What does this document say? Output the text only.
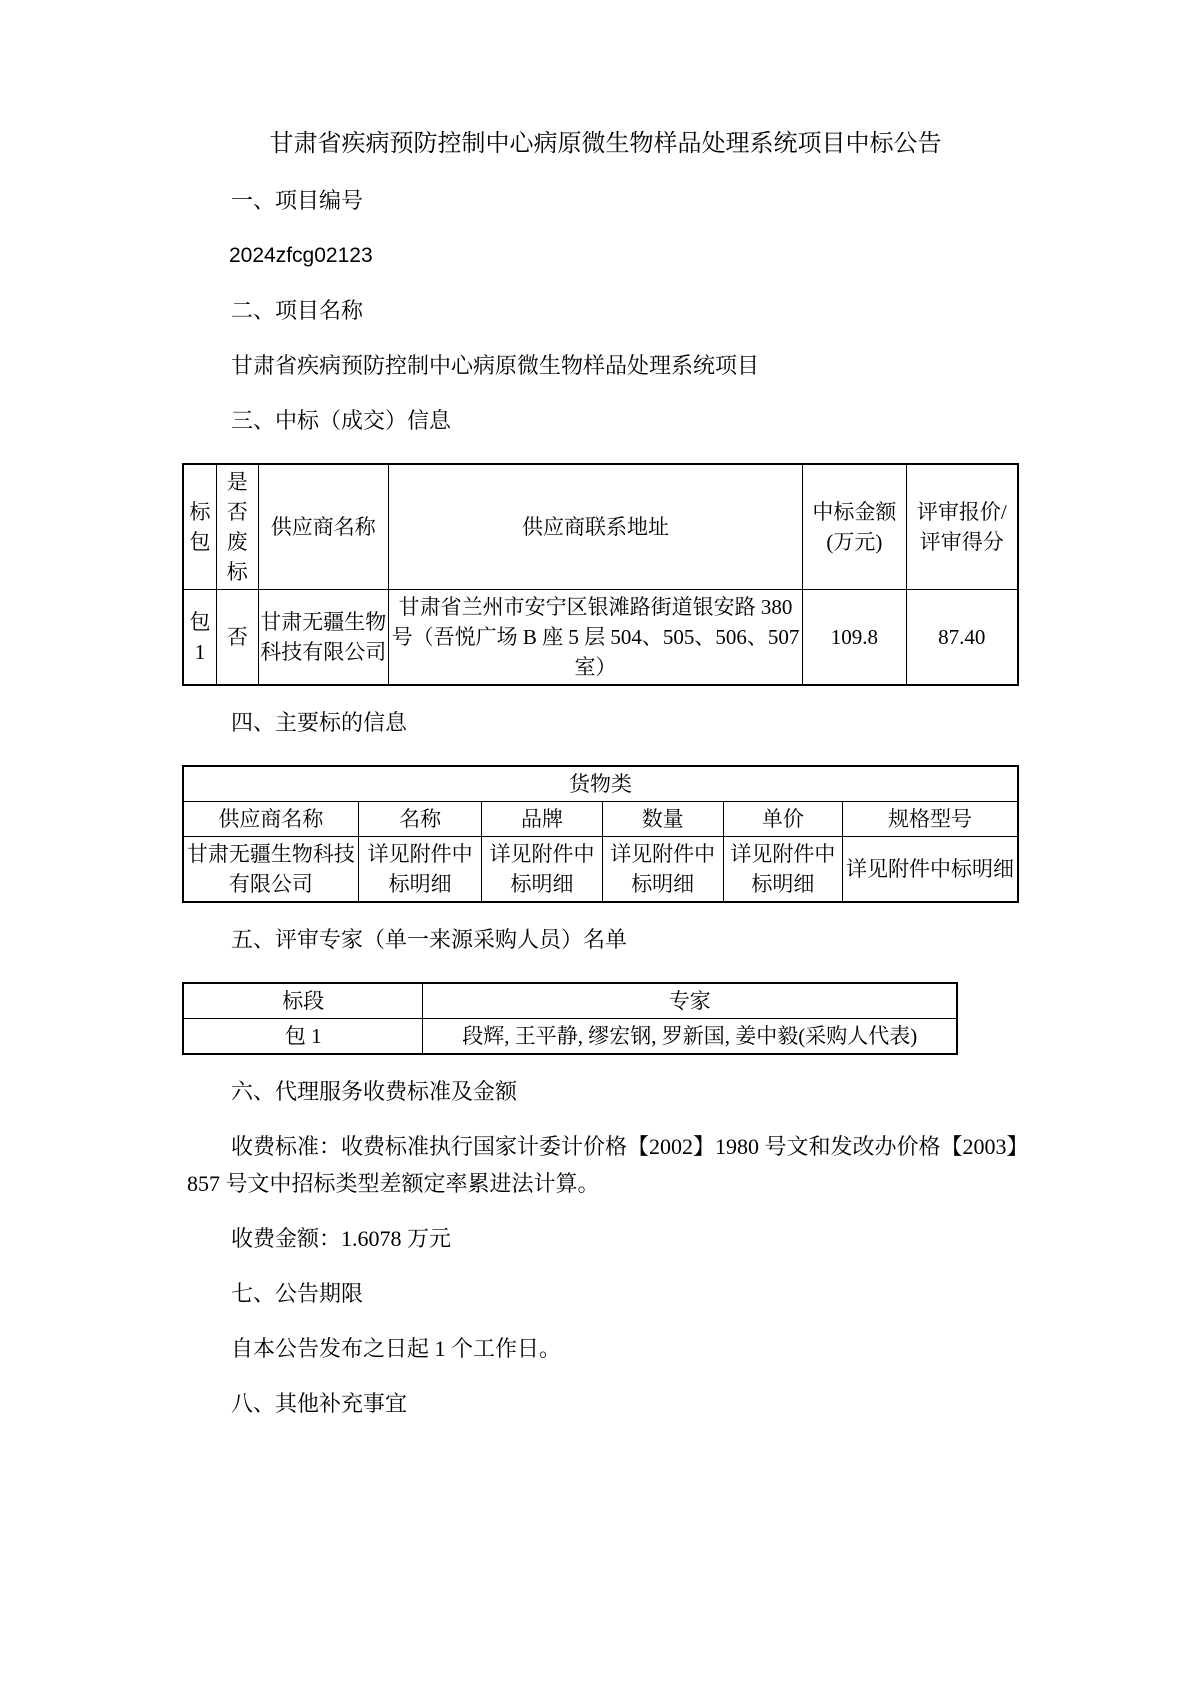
甘肃省疾病预防控制中心病原微生物样品处理系统项目中标公告

一、项目编号

2024zfcg02123

二、项目名称

甘肃省疾病预防控制中心病原微生物样品处理系统项目

三、中标（成交）信息

标包	是否废标	供应商名称	供应商联系地址	中标金额(万元)	评审报价/评审得分
包1	否	甘肃无疆生物科技有限公司	甘肃省兰州市安宁区银滩路街道银安路 380 号（吾悦广场 B 座 5 层 504、505、506、507 室）	109.8	87.40

四、主要标的信息

货物类					
供应商名称	名称	品牌	数量	单价	规格型号
甘肃无疆生物科技有限公司	详见附件中标明细	详见附件中标明细	详见附件中标明细	详见附件中标明细	详见附件中标明细

五、评审专家（单一来源采购人员）名单

标段	专家
包 1	段辉, 王平静, 缪宏钢, 罗新国, 姜中毅(采购人代表)

六、代理服务收费标准及金额

收费标准：收费标准执行国家计委计价格【2002】1980 号文和发改办价格【2003】857 号文中招标类型差额定率累进法计算。

收费金额：1.6078 万元

七、公告期限

自本公告发布之日起 1 个工作日。

八、其他补充事宜
